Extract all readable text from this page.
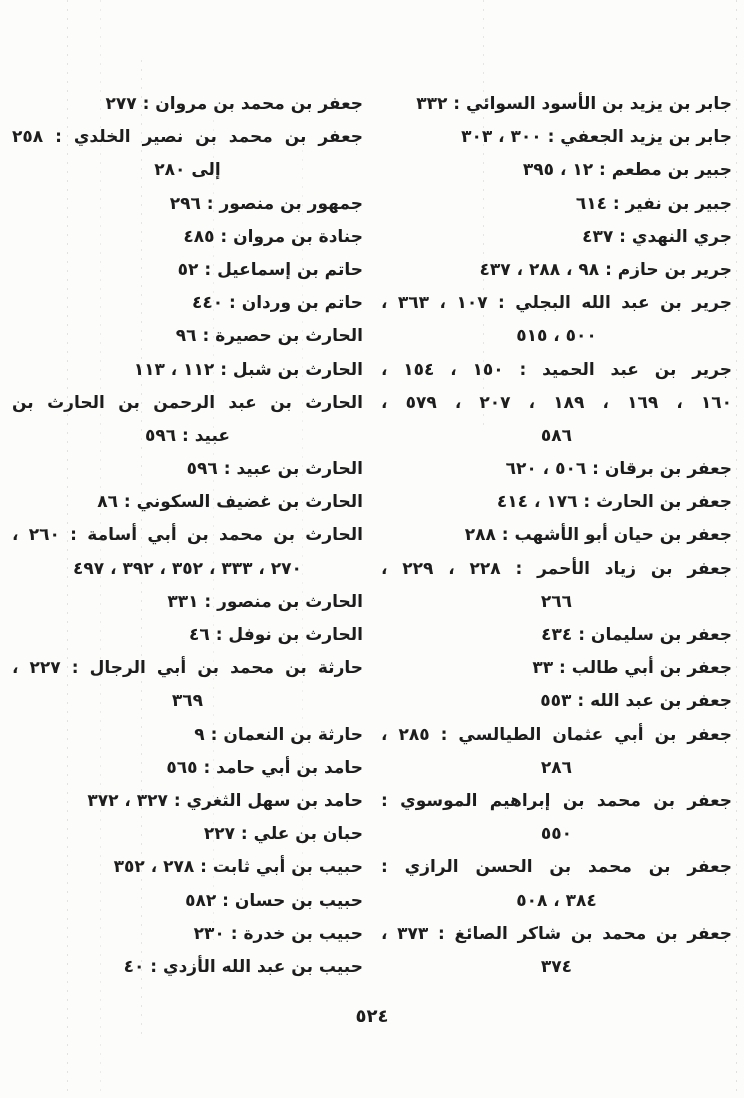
جابر بن يزيد بن الأسود السوائي : ٣٣٢
جابر بن يزيد الجعفي : ٣٠٠ ، ٣٠٣
جبير بن مطعم : ١٢ ، ٣٩٥
جبير بن نفير : ٦١٤
جري النهدي : ٤٣٧
جرير بن حازم : ٩٨ ، ٢٨٨ ، ٤٣٧
جرير بن عبد الله البجلي : ١٠٧ ، ٣٦٣ ،
٥٠٠ ، ٥١٥
جرير بن عبد الحميد : ١٥٠ ، ١٥٤ ،
١٦٠ ، ١٦٩ ، ١٨٩ ، ٢٠٧ ، ٥٧٩ ،
٥٨٦
جعفر بن برقان : ٥٠٦ ، ٦٢٠
جعفر بن الحارث : ١٧٦ ، ٤١٤
جعفر بن حيان أبو الأشهب : ٢٨٨
جعفر بن زياد الأحمر : ٢٢٨ ، ٢٢٩ ،
٢٦٦
جعفر بن سليمان : ٤٣٤
جعفر بن أبي طالب : ٣٣
جعفر بن عبد الله : ٥٥٣
جعفر بن أبي عثمان الطيالسي : ٢٨٥ ،
٢٨٦
جعفر بن محمد بن إبراهيم الموسوي :
٥٥٠
جعفر بن محمد بن الحسن الرازي :
٣٨٤ ، ٥٠٨
جعفر بن محمد بن شاكر الصائغ : ٣٧٣ ،
٣٧٤
جعفر بن محمد بن مروان : ٢٧٧
جعفر بن محمد بن نصير الخلدي : ٢٥٨
إلى ٢٨٠
جمهور بن منصور : ٢٩٦
جنادة بن مروان : ٤٨٥
حاتم بن إسماعيل : ٥٢
حاتم بن وردان : ٤٤٠
الحارث بن حصيرة : ٩٦
الحارث بن شبل : ١١٢ ، ١١٣
الحارث بن عبد الرحمن بن الحارث بن
عبيد : ٥٩٦
الحارث بن عبيد : ٥٩٦
الحارث بن غضيف السكوني : ٨٦
الحارث بن محمد بن أبي أسامة : ٢٦٠ ،
٢٧٠ ، ٣٣٣ ، ٣٥٢ ، ٣٩٢ ، ٤٩٧
الحارث بن منصور : ٣٣١
الحارث بن نوفل : ٤٦
حارثة بن محمد بن أبي الرجال : ٢٢٧ ،
٣٦٩
حارثة بن النعمان : ٩
حامد بن أبي حامد : ٥٦٥
حامد بن سهل الثغري : ٣٢٧ ، ٣٧٢
حبان بن علي : ٢٢٧
حبيب بن أبي ثابت : ٢٧٨ ، ٣٥٢
حبيب بن حسان : ٥٨٢
حبيب بن خدرة : ٢٣٠
حبيب بن عبد الله الأزدي : ٤٠
٥٢٤
